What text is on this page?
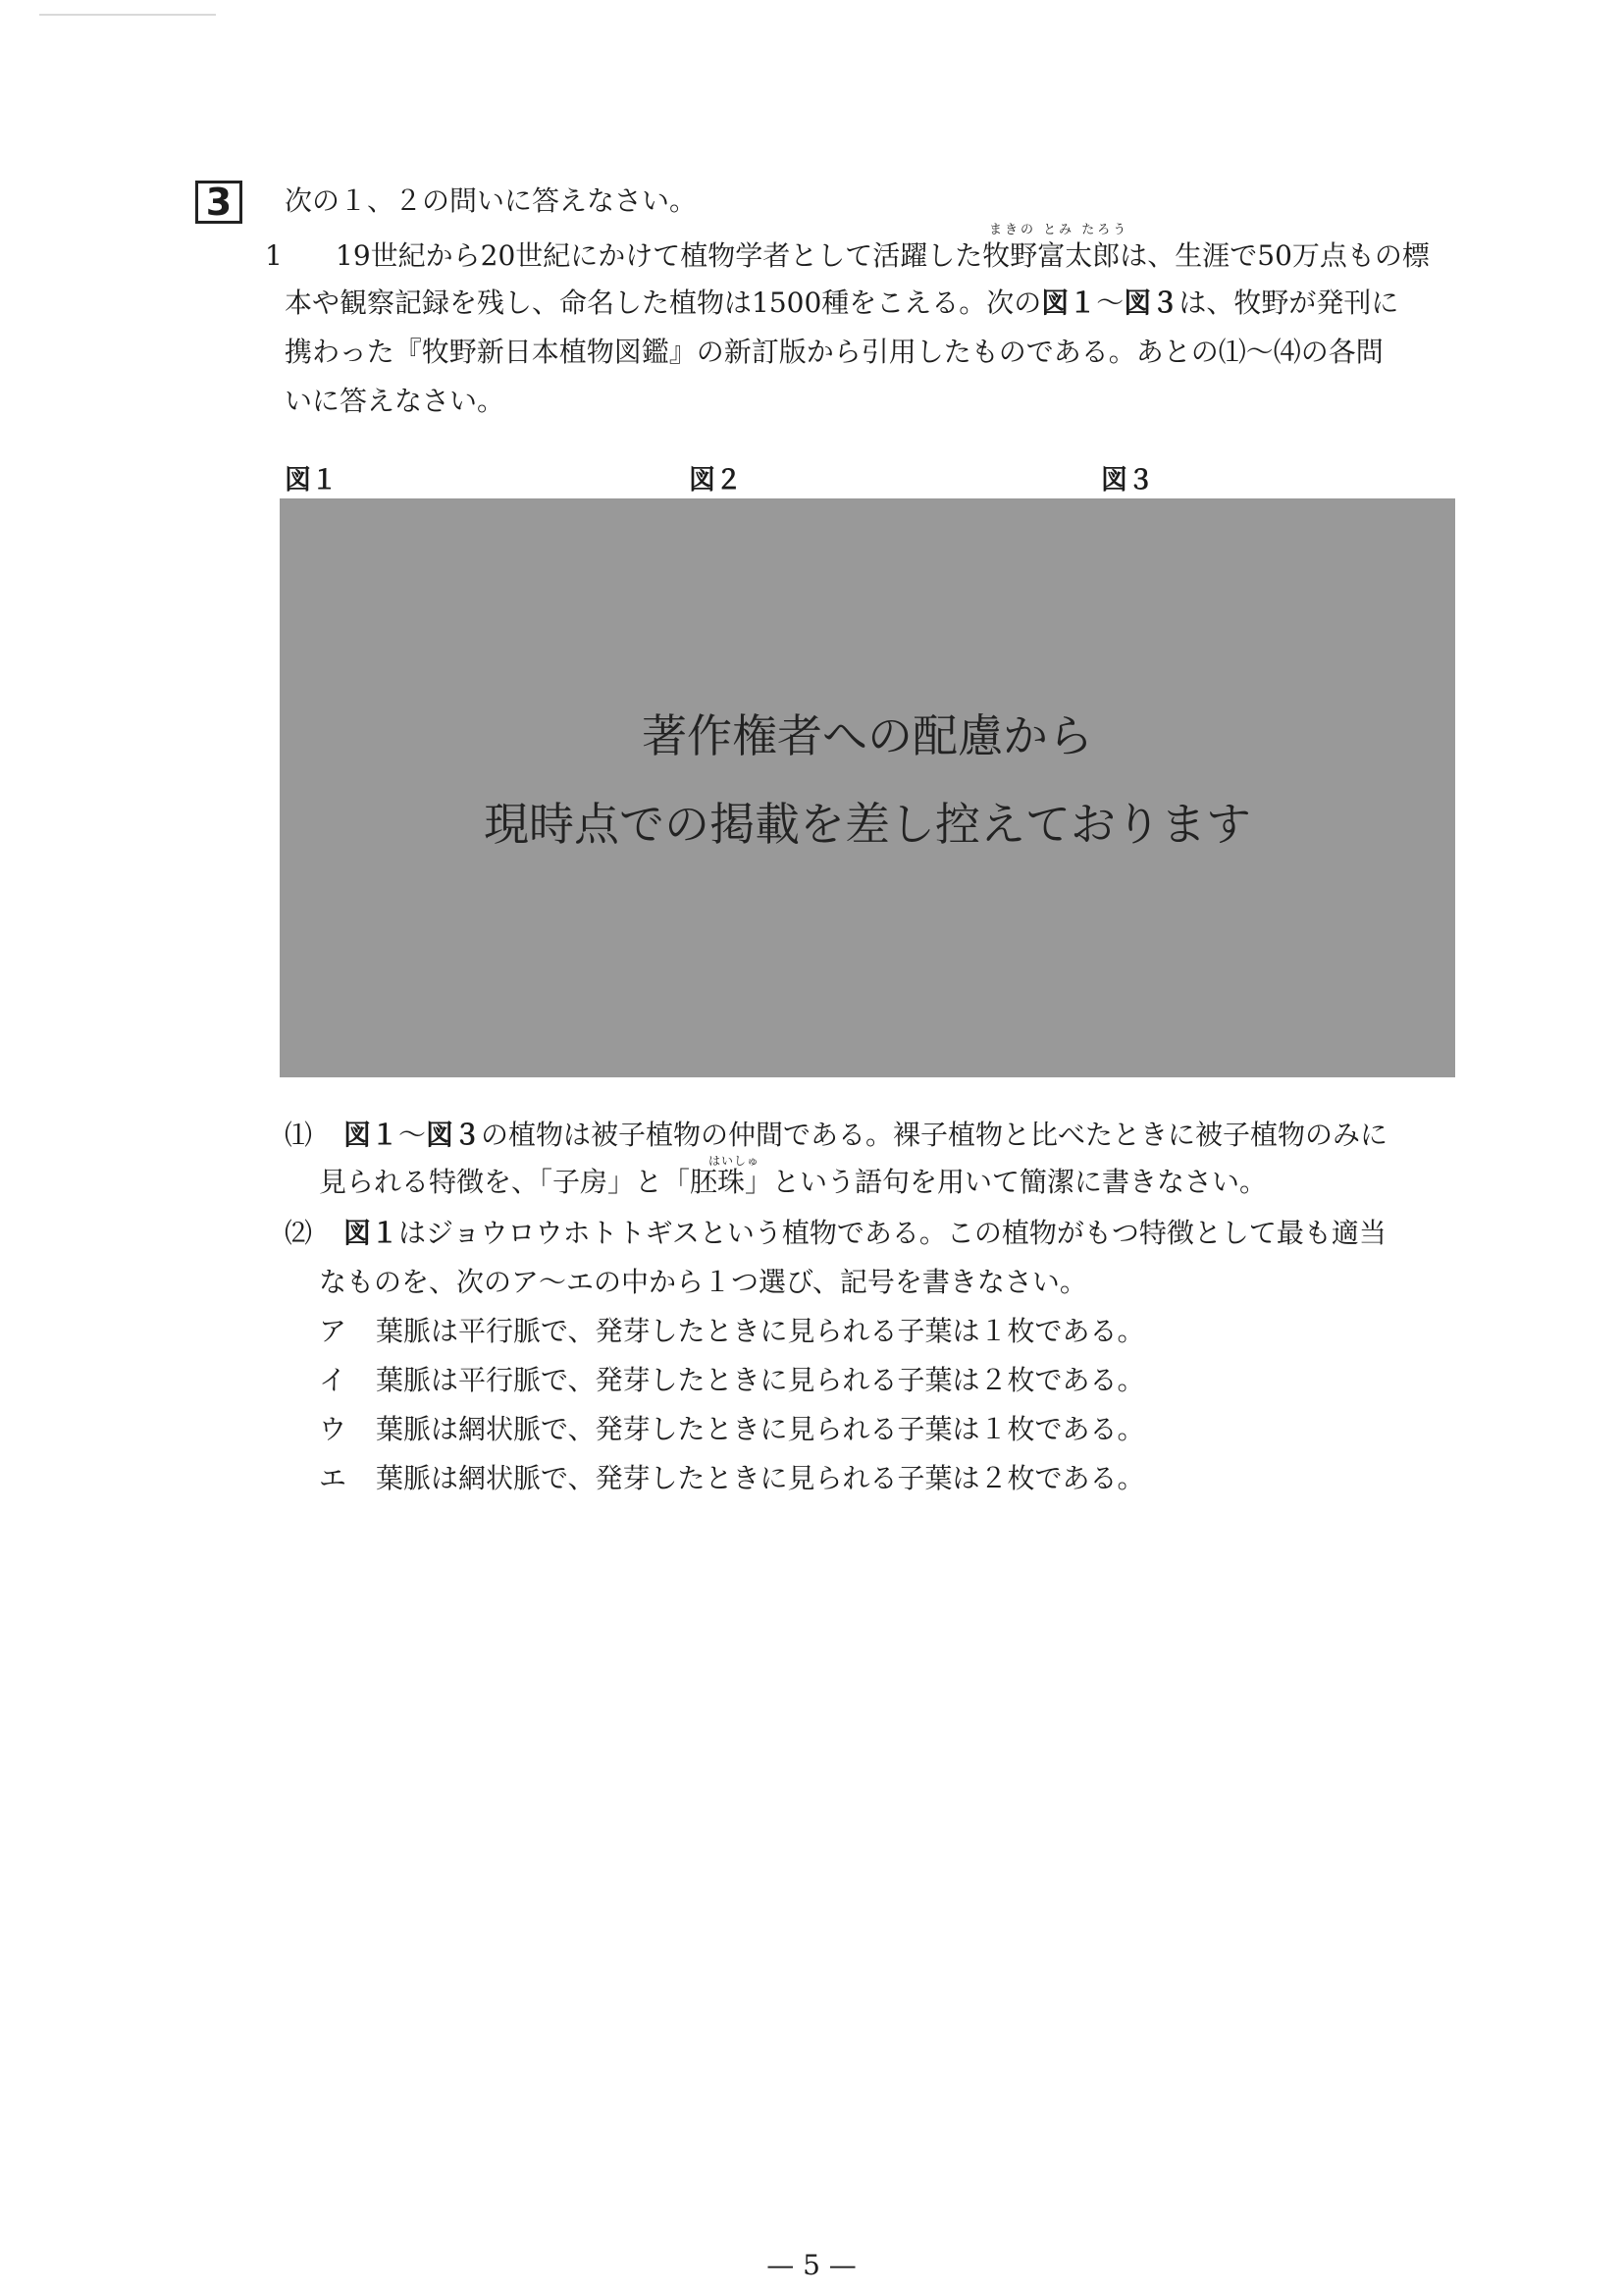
3	次の１、２の問いに答えなさい。
まきの とみ たろう
1 19世紀から20世紀にかけて植物学者として活躍した牧野富太郎は、生涯で50万点もの標
本や観察記録を残し、命名した植物は1500種をこえる。次の図１～図３は、牧野が発刊に
携わった『牧野新日本植物図鑑』の新訂版から引用したものである。あとの⑴～⑷の各問
いに答えなさい。
図１	図２	図３
著作権者への配慮から
現時点での掲載を差し控えております
⑴ 図１～図３の植物は被子植物の仲間である。裸子植物と比べたときに被子植物のみに
はいしゅ
見られる特徴を、「子房」と「胚珠」という語句を用いて簡潔に書きなさい。
⑵ 図１はジョウロウホトトギスという植物である。この植物がもつ特徴として最も適当
なものを、次のア～エの中から１つ選び、記号を書きなさい。
ア 葉脈は平行脈で、発芽したときに見られる子葉は１枚である。
イ 葉脈は平行脈で、発芽したときに見られる子葉は２枚である。
ウ 葉脈は網状脈で、発芽したときに見られる子葉は１枚である。
エ 葉脈は網状脈で、発芽したときに見られる子葉は２枚である。
— 5 —
